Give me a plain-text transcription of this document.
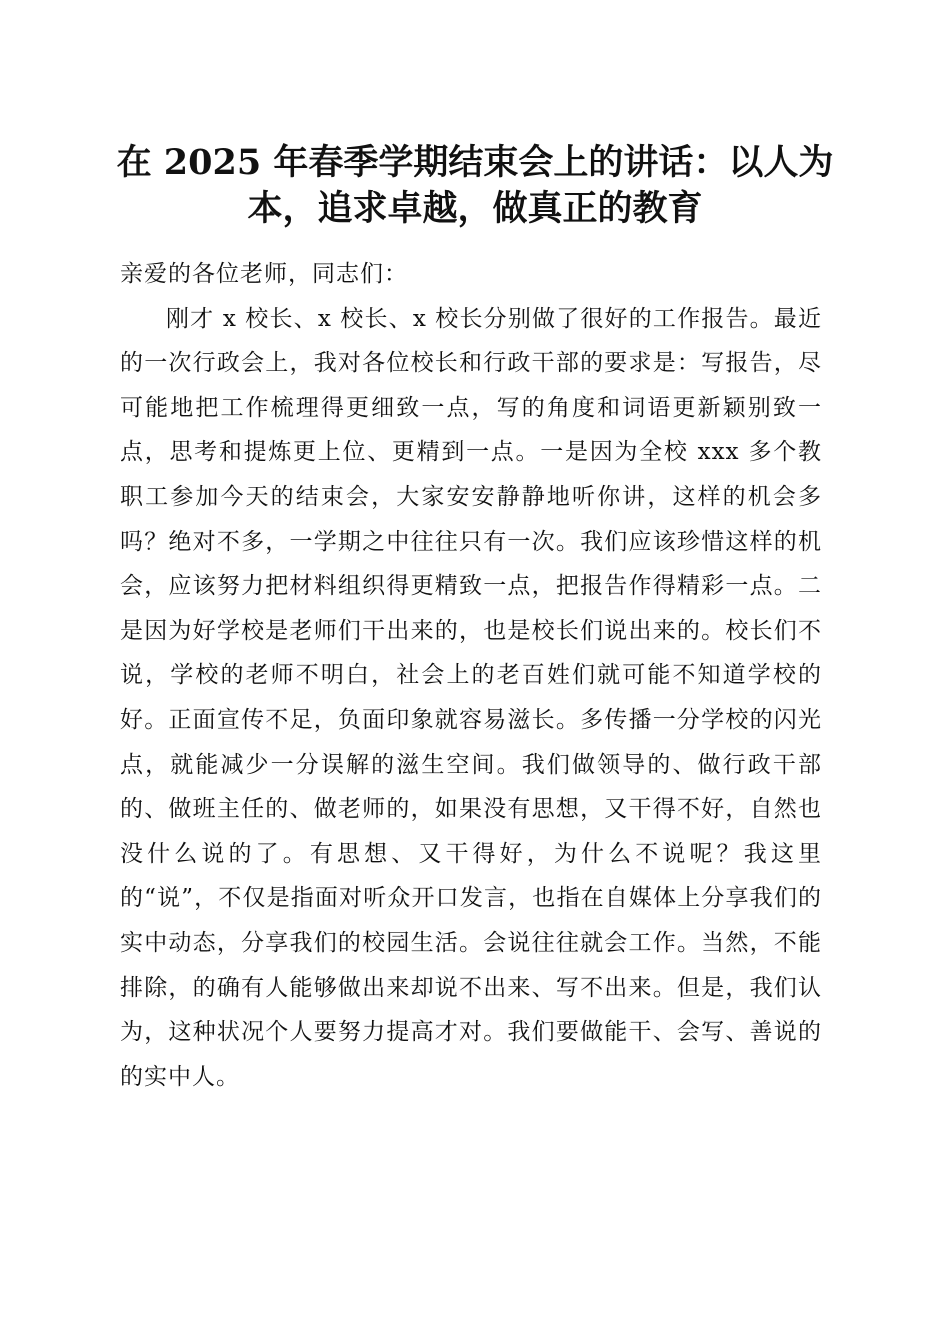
在 2025 年春季学期结束会上的讲话：以人为本，追求卓越，做真正的教育

亲爱的各位老师，同志们：

刚才 x 校长、x 校长、x 校长分别做了很好的工作报告。最近的一次行政会上，我对各位校长和行政干部的要求是：写报告，尽可能地把工作梳理得更细致一点，写的角度和词语更新颖别致一点，思考和提炼更上位、更精到一点。一是因为全校 xxx 多个教职工参加今天的结束会，大家安安静静地听你讲，这样的机会多吗？绝对不多，一学期之中往往只有一次。我们应该珍惜这样的机会，应该努力把材料组织得更精致一点，把报告作得精彩一点。二是因为好学校是老师们干出来的，也是校长们说出来的。校长们不说，学校的老师不明白，社会上的老百姓们就可能不知道学校的好。正面宣传不足，负面印象就容易滋长。多传播一分学校的闪光点，就能减少一分误解的滋生空间。我们做领导的、做行政干部的、做班主任的、做老师的，如果没有思想，又干得不好，自然也没什么说的了。有思想、又干得好，为什么不说呢？我这里的“说”，不仅是指面对听众开口发言，也指在自媒体上分享我们的实中动态，分享我们的校园生活。会说往往就会工作。当然，不能排除，的确有人能够做出来却说不出来、写不出来。但是，我们认为，这种状况个人要努力提高才对。我们要做能干、会写、善说的的实中人。
